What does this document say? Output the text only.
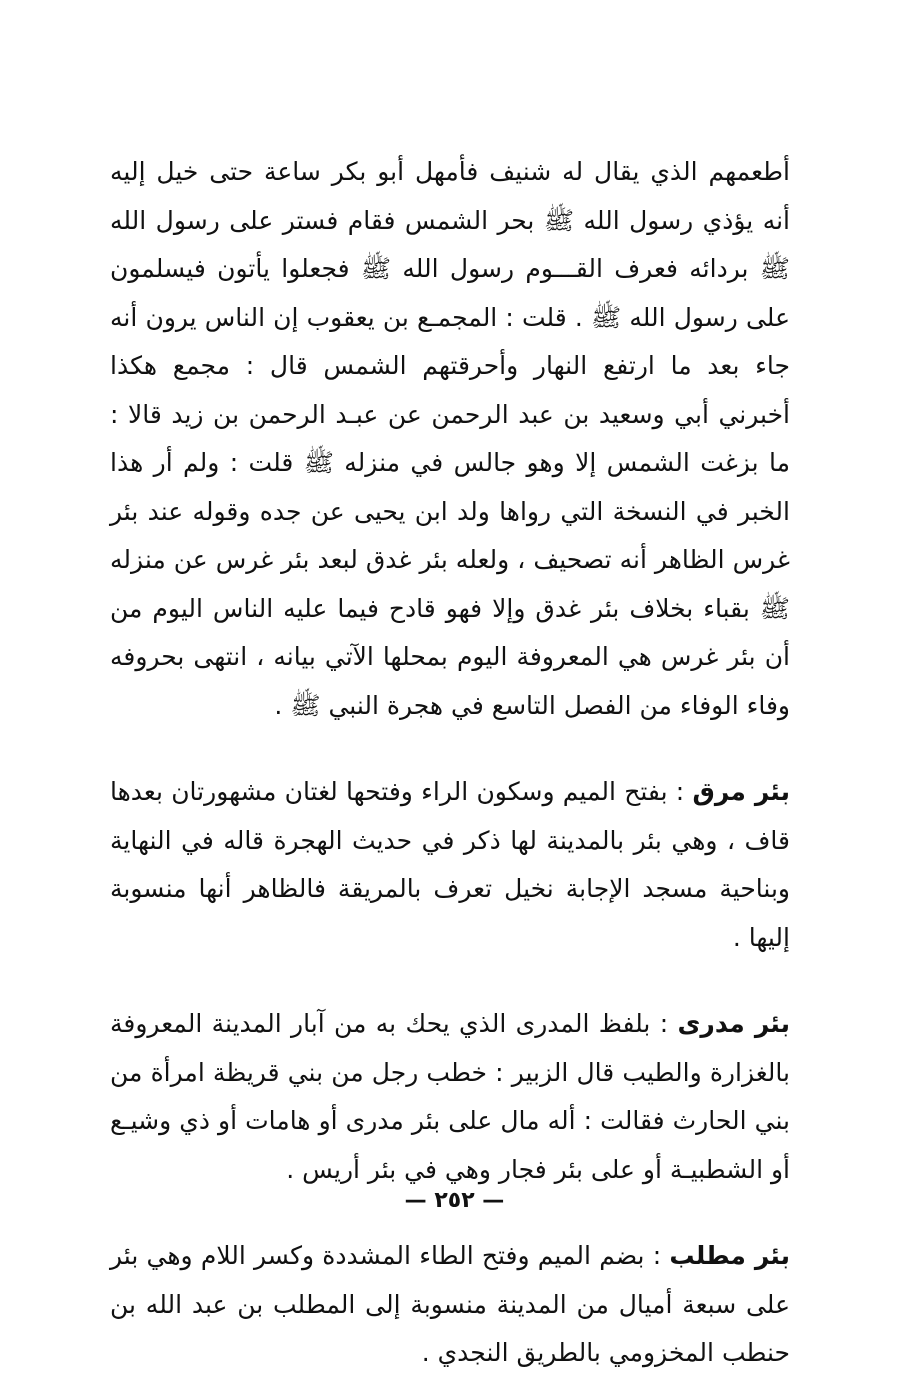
أطعمهم الذي يقال له شنيف فأمهل أبو بكر ساعة حتى خيل إليه أنه يؤذي رسول الله ﷺ بحر الشمس فقام فستر على رسول الله ﷺ بردائه فعرف القـــوم رسول الله ﷺ فجعلوا يأتون فيسلمون على رسول الله ﷺ . قلت : المجمـع بن يعقوب إن الناس يرون أنه جاء بعد ما ارتفع النهار وأحرقتهم الشمس قال : مجمع هكذا أخبرني أبي وسعيد بن عبد الرحمن عن عبـد الرحمن بن زيد قالا : ما بزغت الشمس إلا وهو جالس في منزله ﷺ قلت : ولم أر هذا الخبر في النسخة التي رواها ولد ابن يحيى عن جده وقوله عند بئر غرس الظاهر أنه تصحيف ، ولعله بئر غدق لبعد بئر غرس عن منزله ﷺ بقباء بخلاف بئر غدق وإلا فهو قادح فيما عليه الناس اليوم من أن بئر غرس هي المعروفة اليوم بمحلها الآتي بيانه ، انتهى بحروفه وفاء الوفاء من الفصل التاسع في هجرة النبي ﷺ .

بئر مرق : بفتح الميم وسكون الراء وفتحها لغتان مشهورتان بعدها قاف ، وهي بئر بالمدينة لها ذكر في حديث الهجرة قاله في النهاية وبناحية مسجد الإجابة نخيل تعرف بالمريقة فالظاهر أنها منسوبة إليها .

بئر مدرى : بلفظ المدرى الذي يحك به من آبار المدينة المعروفة بالغزارة والطيب قال الزبير : خطب رجل من بني قريظة امرأة من بني الحارث فقالت : أله مال على بئر مدرى أو هامات أو ذي وشيـع أو الشطبيـة أو على بئر فجار وهي في بئر أريس .

بئر مطلب : بضم الميم وفتح الطاء المشددة وكسر اللام وهي بئر على سبعة أميال من المدينة منسوبة إلى المطلب بن عبد الله بن حنطب المخزومي بالطريق النجدي .

— ٢٥٢ —
